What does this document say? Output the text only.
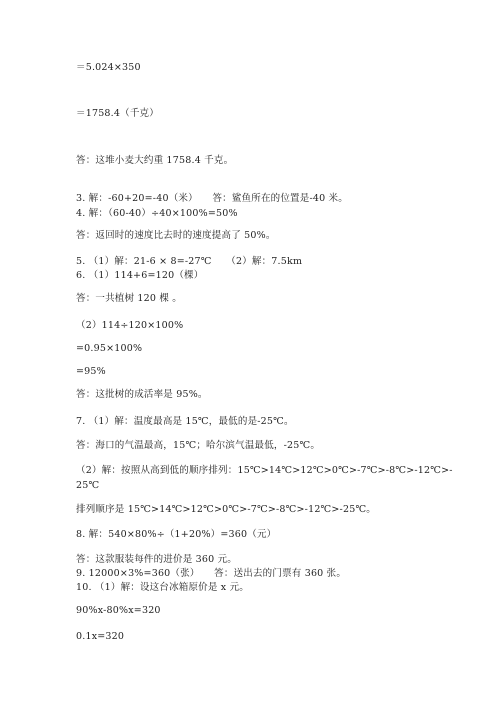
＝5.024×350
＝1758.4（千克）
答：这堆小麦大约重 1758.4 千克。
3. 解：-60+20=-40（米）　　答：鲨鱼所在的位置是-40 米。
4. 解：（60-40）÷40×100%=50%
答：返回时的速度比去时的速度提高了 50%。
5. （1）解：21-6 × 8=-27℃　　（2）解：7.5km
6. （1）114+6=120（棵）
答：一共植树 120 棵 。
（2）114÷120×100%
=0.95×100%
=95%
答：这批树的成活率是 95%。
7. （1）解：温度最高是 15℃，最低的是-25℃。
答：海口的气温最高，15℃；哈尔滨气温最低，-25℃。
（2）解：按照从高到低的顺序排列：15℃>14℃>12℃>0℃>-7℃>-8℃>-12℃>-
25℃
排列顺序是 15℃>14℃>12℃>0℃>-7℃>-8℃>-12℃>-25℃。
8. 解：540×80%÷（1+20%）=360（元）
答：这款服装每件的进价是 360 元。
9. 12000×3%=360（张）　　答：送出去的门票有 360 张。
10. （1）解：设这台冰箱原价是 x 元。
90%x-80%x=320
0.1x=320
